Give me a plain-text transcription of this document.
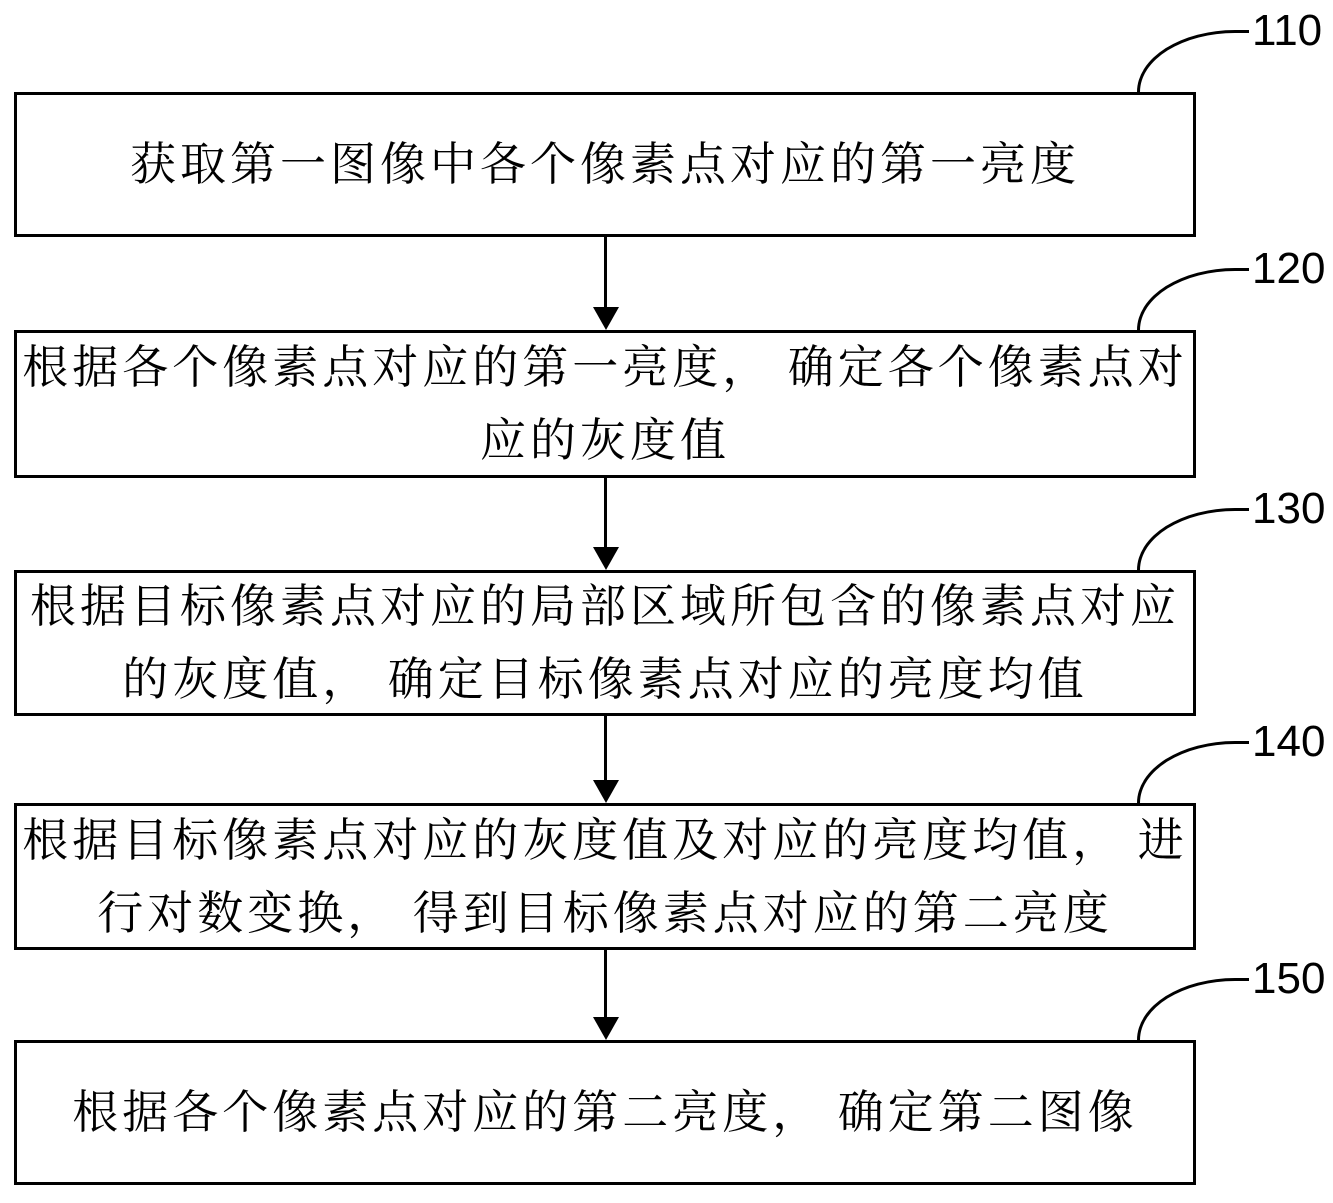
110
获取第一图像中各个像素点对应的第一亮度
120
根据各个像素点对应的第一亮度， 确定各个像素点对
应的灰度值
130
根据目标像素点对应的局部区域所包含的像素点对应
的灰度值， 确定目标像素点对应的亮度均值
140
根据目标像素点对应的灰度值及对应的亮度均值， 进
行对数变换， 得到目标像素点对应的第二亮度
150
根据各个像素点对应的第二亮度， 确定第二图像
